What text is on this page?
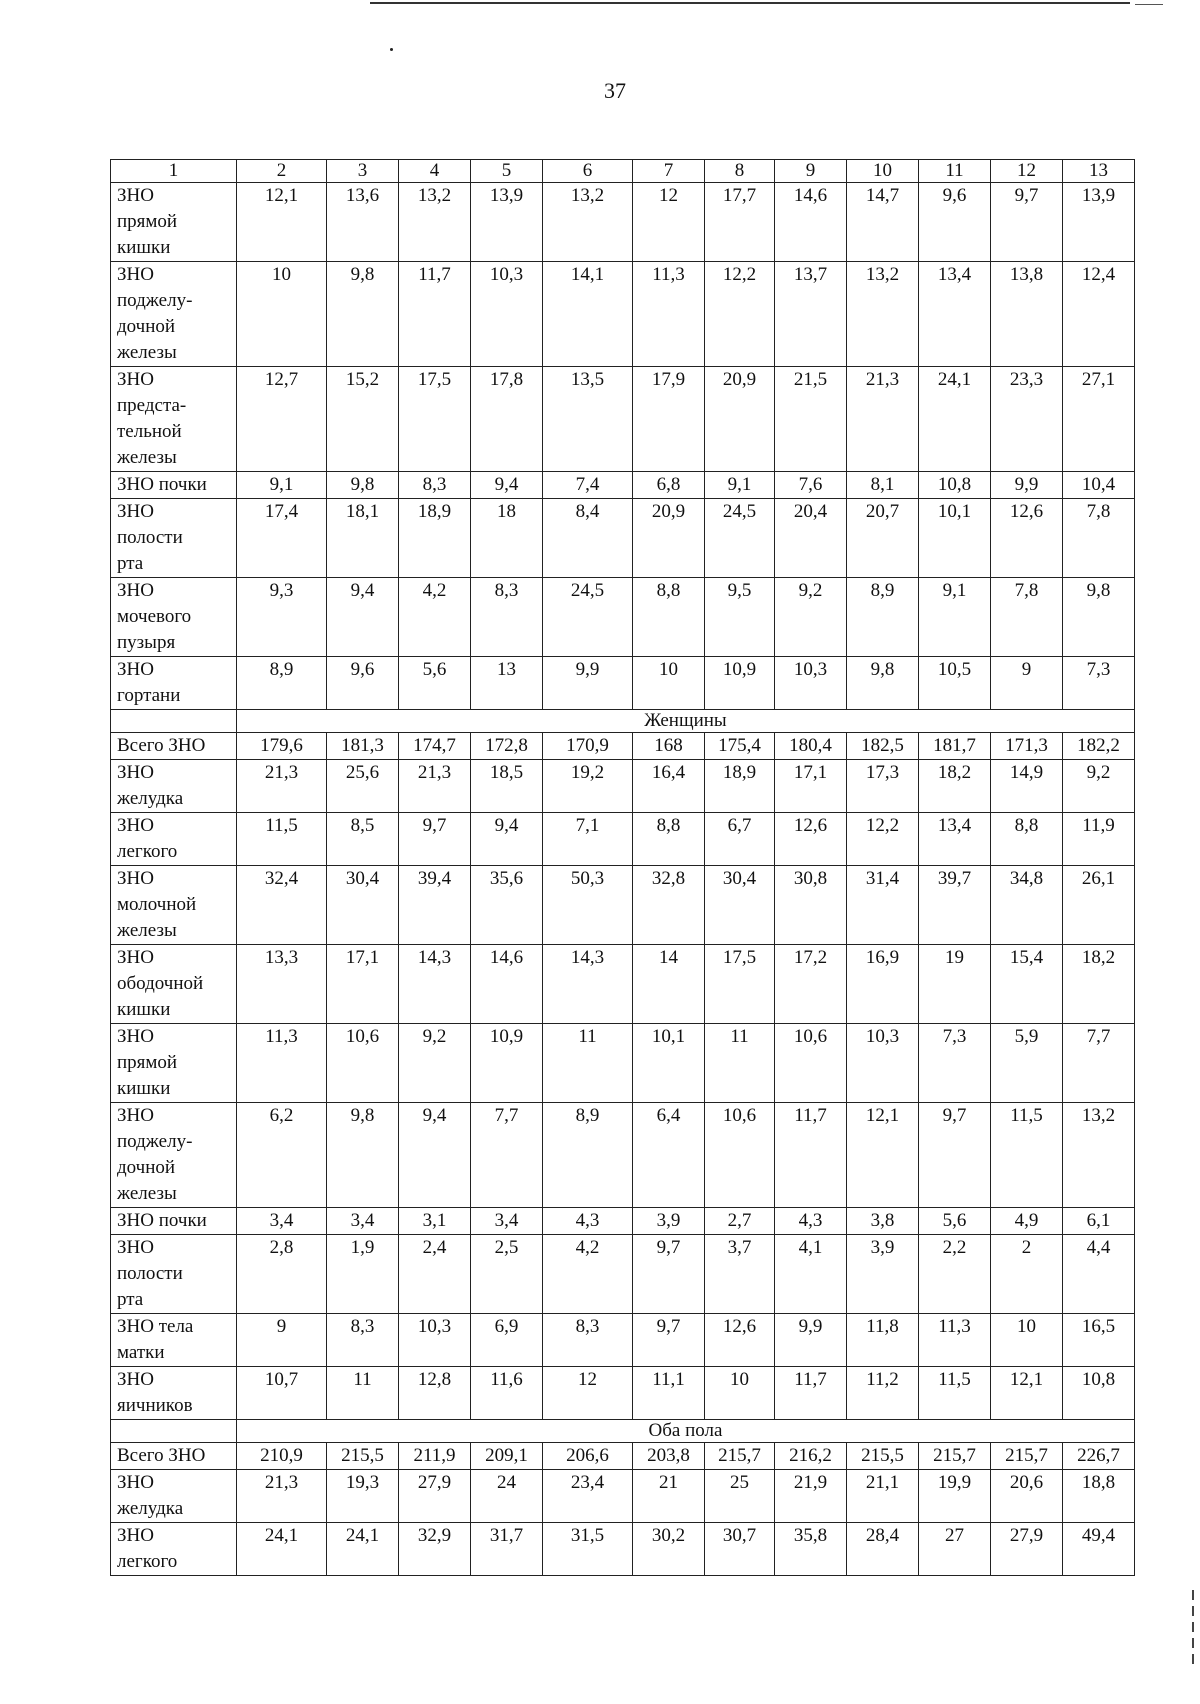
37
1	2	3	4	5	6	7	8	9	10	11	12	13

ЗНО
прямой
кишки	12,1	13,6	13,2	13,9	13,2	12	17,7	14,6	14,7	9,6	9,7	13,9

ЗНО
поджелу-
дочной
железы	10	9,8	11,7	10,3	14,1	11,3	12,2	13,7	13,2	13,4	13,8	12,4

ЗНО
предста-
тельной
железы	12,7	15,2	17,5	17,8	13,5	17,9	20,9	21,5	21,3	24,1	23,3	27,1

ЗНО почки	9,1	9,8	8,3	9,4	7,4	6,8	9,1	7,6	8,1	10,8	9,9	10,4

ЗНО
полости
рта	17,4	18,1	18,9	18	8,4	20,9	24,5	20,4	20,7	10,1	12,6	7,8

ЗНО
мочевого
пузыря	9,3	9,4	4,2	8,3	24,5	8,8	9,5	9,2	8,9	9,1	7,8	9,8

ЗНО
гортани	8,9	9,6	5,6	13	9,9	10	10,9	10,3	9,8	10,5	9	7,3
	Женщины											

Всего ЗНО	179,6	181,3	174,7	172,8	170,9	168	175,4	180,4	182,5	181,7	171,3	182,2

ЗНО
желудка	21,3	25,6	21,3	18,5	19,2	16,4	18,9	17,1	17,3	18,2	14,9	9,2

ЗНО
легкого	11,5	8,5	9,7	9,4	7,1	8,8	6,7	12,6	12,2	13,4	8,8	11,9

ЗНО
молочной
железы	32,4	30,4	39,4	35,6	50,3	32,8	30,4	30,8	31,4	39,7	34,8	26,1

ЗНО
ободочной
кишки	13,3	17,1	14,3	14,6	14,3	14	17,5	17,2	16,9	19	15,4	18,2

ЗНО
прямой
кишки	11,3	10,6	9,2	10,9	11	10,1	11	10,6	10,3	7,3	5,9	7,7

ЗНО
поджелу-
дочной
железы	6,2	9,8	9,4	7,7	8,9	6,4	10,6	11,7	12,1	9,7	11,5	13,2

ЗНО почки	3,4	3,4	3,1	3,4	4,3	3,9	2,7	4,3	3,8	5,6	4,9	6,1

ЗНО
полости
рта	2,8	1,9	2,4	2,5	4,2	9,7	3,7	4,1	3,9	2,2	2	4,4

ЗНО тела
матки	9	8,3	10,3	6,9	8,3	9,7	12,6	9,9	11,8	11,3	10	16,5

ЗНО
яичников	10,7	11	12,8	11,6	12	11,1	10	11,7	11,2	11,5	12,1	10,8
	Оба пола											

Всего ЗНО	210,9	215,5	211,9	209,1	206,6	203,8	215,7	216,2	215,5	215,7	215,7	226,7

ЗНО
желудка	21,3	19,3	27,9	24	23,4	21	25	21,9	21,1	19,9	20,6	18,8

ЗНО
легкого	24,1	24,1	32,9	31,7	31,5	30,2	30,7	35,8	28,4	27	27,9	49,4
